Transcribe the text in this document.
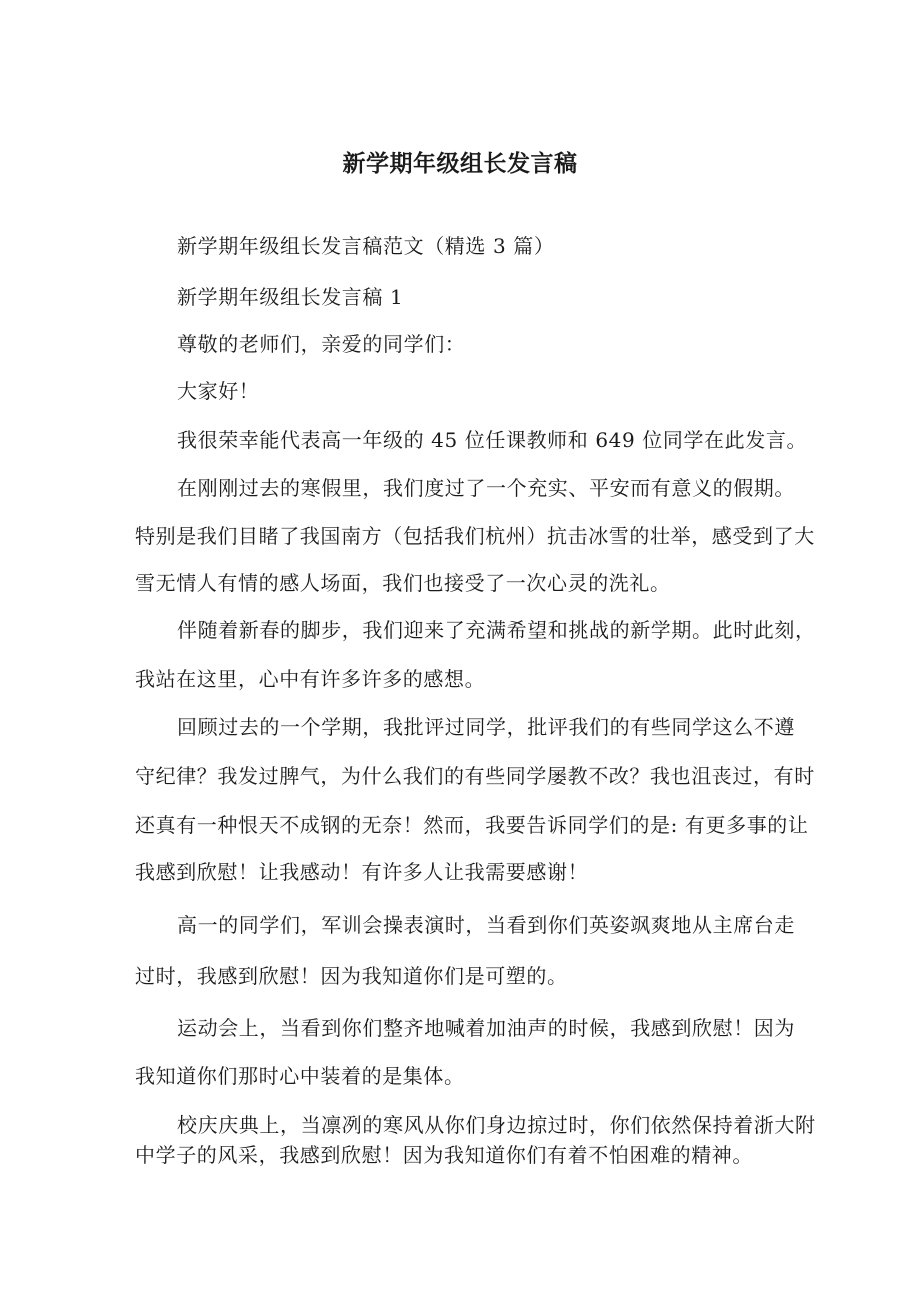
新学期年级组长发言稿
新学期年级组长发言稿范文（精选 3 篇）
新学期年级组长发言稿 1
尊敬的老师们，亲爱的同学们：
大家好！
我很荣幸能代表高一年级的 45 位任课教师和 649 位同学在此发言。
在刚刚过去的寒假里，我们度过了一个充实、平安而有意义的假期。
特别是我们目睹了我国南方（包括我们杭州）抗击冰雪的壮举，感受到了大
雪无情人有情的感人场面，我们也接受了一次心灵的洗礼。
伴随着新春的脚步，我们迎来了充满希望和挑战的新学期。此时此刻，
我站在这里，心中有许多许多的感想。
回顾过去的一个学期，我批评过同学，批评我们的有些同学这么不遵
守纪律？我发过脾气，为什么我们的有些同学屡教不改？我也沮丧过，有时
还真有一种恨天不成钢的无奈！然而，我要告诉同学们的是: 有更多事的让
我感到欣慰！让我感动！有许多人让我需要感谢！
高一的同学们，军训会操表演时，当看到你们英姿飒爽地从主席台走
过时，我感到欣慰！因为我知道你们是可塑的。
运动会上，当看到你们整齐地喊着加油声的时候，我感到欣慰！因为
我知道你们那时心中装着的是集体。
校庆庆典上，当凛冽的寒风从你们身边掠过时，你们依然保持着浙大附
中学子的风采，我感到欣慰！因为我知道你们有着不怕困难的精神。
